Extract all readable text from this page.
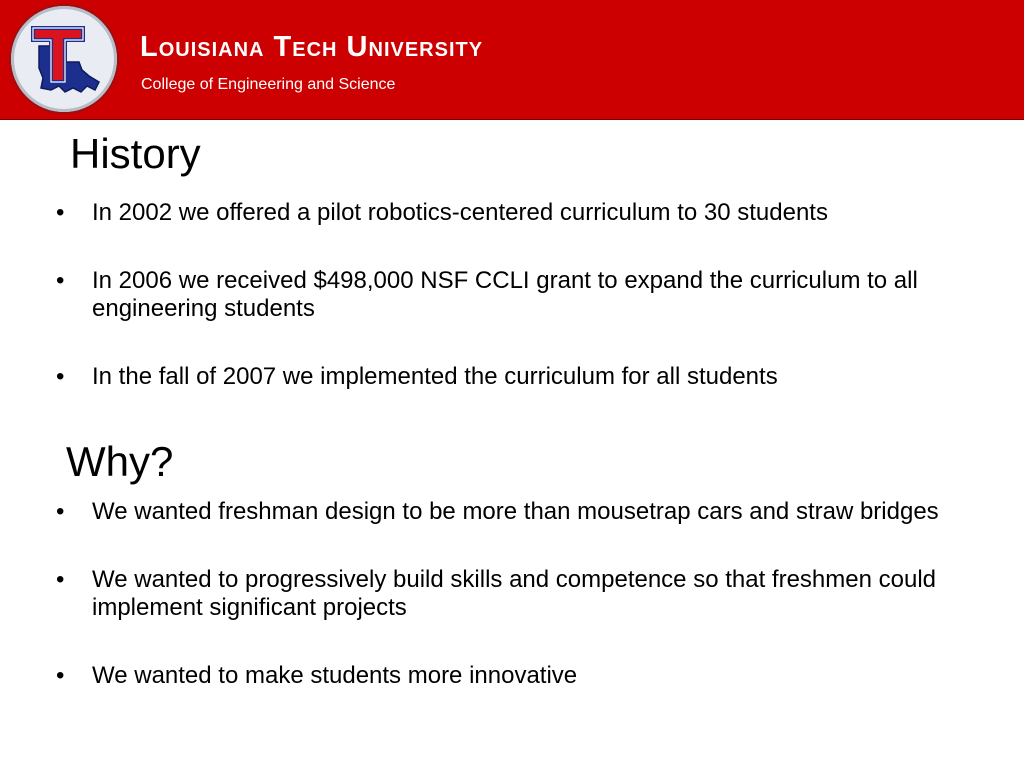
Louisiana Tech University
College of Engineering and Science
History
• In 2002 we offered a pilot robotics-centered curriculum to 30 students
• In 2006 we received $498,000 NSF CCLI grant to expand the curriculum to all engineering students
• In the fall of 2007 we implemented the curriculum for all students
Why?
• We wanted freshman design to be more than mousetrap cars and straw bridges
• We wanted to progressively build skills and competence so that freshmen could implement significant projects
• We wanted to make students more innovative
